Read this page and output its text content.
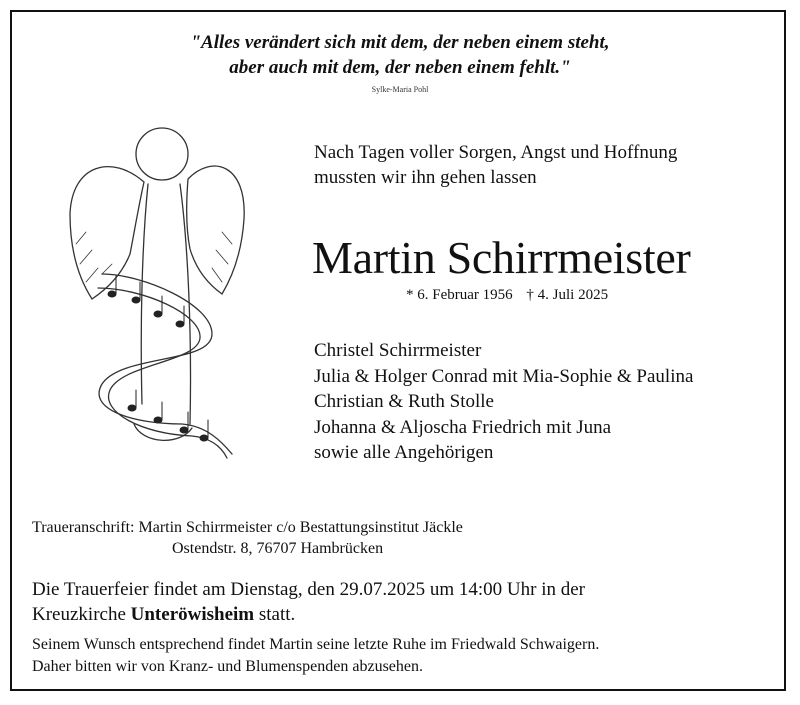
"Alles verändert sich mit dem, der neben einem steht,
aber auch mit dem, der neben einem fehlt."
Sylke-Maria Pohl
Nach Tagen voller Sorgen, Angst und Hoffnung
mussten wir ihn gehen lassen
Martin Schirrmeister
* 6. Februar 1956 † 4. Juli 2025
Christel Schirrmeister
Julia & Holger Conrad mit Mia-Sophie & Paulina
Christian & Ruth Stolle
Johanna & Aljoscha Friedrich mit Juna
sowie alle Angehörigen
Traueranschrift: Martin Schirrmeister c/o Bestattungsinstitut Jäckle
Ostendstr. 8, 76707 Hambrücken
Die Trauerfeier findet am Dienstag, den 29.07.2025 um 14:00 Uhr in der
Kreuzkirche Unteröwisheim statt.
Seinem Wunsch entsprechend findet Martin seine letzte Ruhe im Friedwald Schwaigern.
Daher bitten wir von Kranz- und Blumenspenden abzusehen.
